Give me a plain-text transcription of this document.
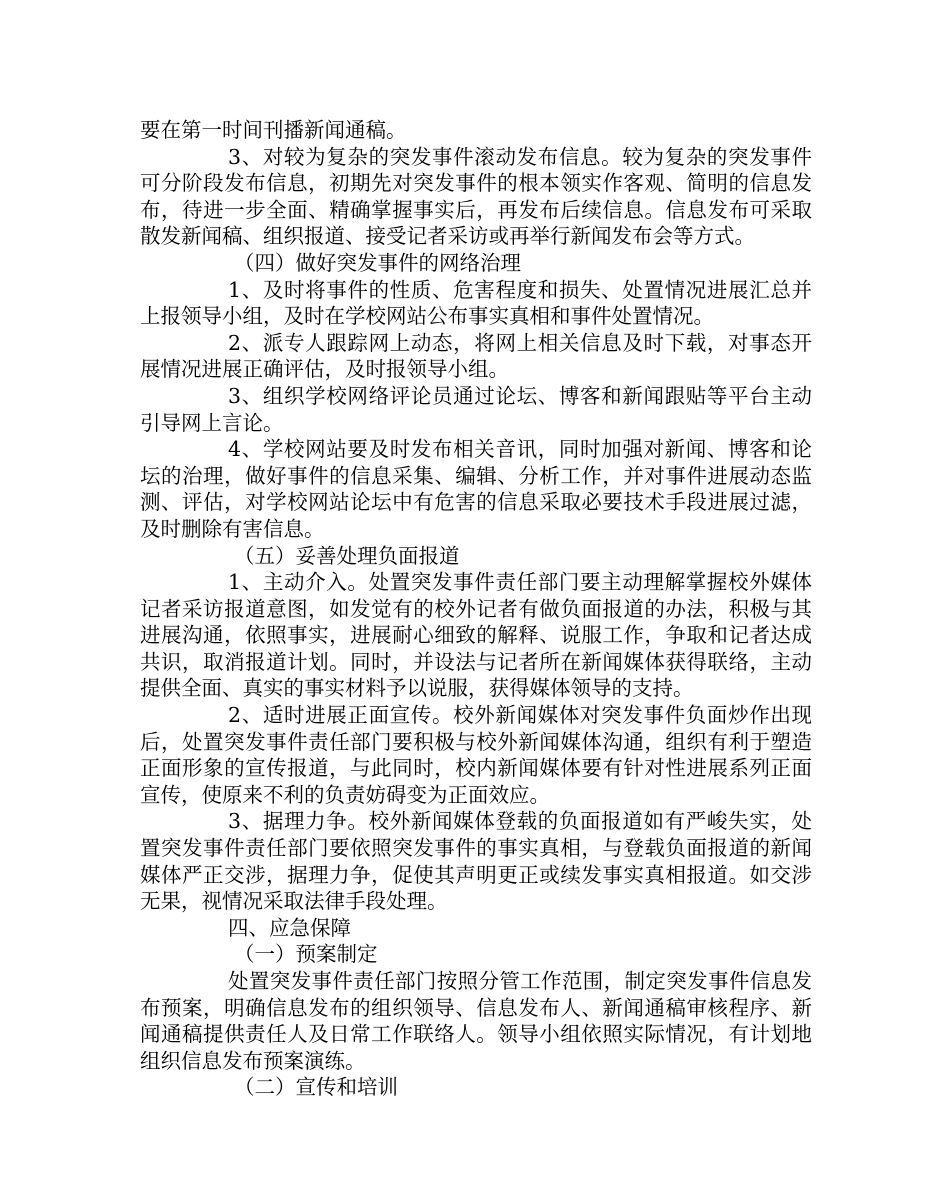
要在第一时间刊播新闻通稿。

3、对较为复杂的突发事件滚动发布信息。较为复杂的突发事件可分阶段发布信息，初期先对突发事件的根本领实作客观、简明的信息发布，待进一步全面、精确掌握事实后，再发布后续信息。信息发布可采取散发新闻稿、组织报道、接受记者采访或再举行新闻发布会等方式。

（四）做好突发事件的网络治理

1、及时将事件的性质、危害程度和损失、处置情况进展汇总并上报领导小组，及时在学校网站公布事实真相和事件处置情况。

2、派专人跟踪网上动态，将网上相关信息及时下载，对事态开展情况进展正确评估，及时报领导小组。

3、组织学校网络评论员通过论坛、博客和新闻跟贴等平台主动引导网上言论。

4、学校网站要及时发布相关音讯，同时加强对新闻、博客和论坛的治理，做好事件的信息采集、编辑、分析工作，并对事件进展动态监测、评估，对学校网站论坛中有危害的信息采取必要技术手段进展过滤，及时删除有害信息。

（五）妥善处理负面报道

1、主动介入。处置突发事件责任部门要主动理解掌握校外媒体记者采访报道意图，如发觉有的校外记者有做负面报道的办法，积极与其进展沟通，依照事实，进展耐心细致的解释、说服工作，争取和记者达成共识，取消报道计划。同时，并设法与记者所在新闻媒体获得联络，主动提供全面、真实的事实材料予以说服，获得媒体领导的支持。

2、适时进展正面宣传。校外新闻媒体对突发事件负面炒作出现后，处置突发事件责任部门要积极与校外新闻媒体沟通，组织有利于塑造正面形象的宣传报道，与此同时，校内新闻媒体要有针对性进展系列正面宣传，使原来不利的负责妨碍变为正面效应。

3、据理力争。校外新闻媒体登载的负面报道如有严峻失实，处置突发事件责任部门要依照突发事件的事实真相，与登载负面报道的新闻媒体严正交涉，据理力争，促使其声明更正或续发事实真相报道。如交涉无果，视情况采取法律手段处理。

四、应急保障

（一）预案制定

处置突发事件责任部门按照分管工作范围，制定突发事件信息发布预案，明确信息发布的组织领导、信息发布人、新闻通稿审核程序、新闻通稿提供责任人及日常工作联络人。领导小组依照实际情况，有计划地组织信息发布预案演练。

（二）宣传和培训
